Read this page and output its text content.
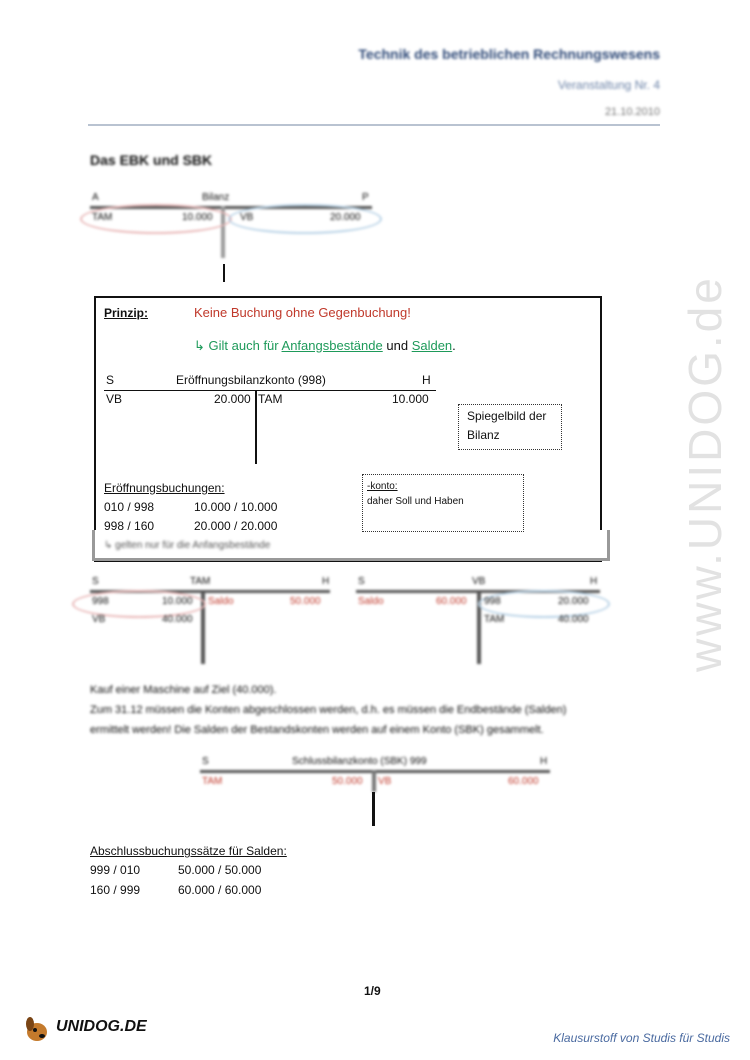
Technik des betrieblichen Rechnungswesens
Veranstaltung Nr. 4
21.10.2010
Das EBK und SBK
A	Bilanz	P
TAM	10.000	VB	20.000
↳ gelten nur für die Anfangsbestände
Prinzip:	Keine Buchung ohne Gegenbuchung!
↳ Gilt auch für Anfangsbestände und Salden.
S	Eröffnungsbilanzkonto (998)	H
VB	20.000 TAM	10.000
Spiegelbild der Bilanz
-konto:
daher Soll und Haben
Eröffnungsbuchungen:
010 / 998	10.000 / 10.000
998 / 160	20.000 / 20.000
S	TAM	H
998	10.000
VB	40.000
Saldo	50.000
S	VB	H
Saldo	60.000 998	20.000
TAM	40.000
Kauf einer Maschine auf Ziel (40.000).
Zum 31.12 müssen die Konten abgeschlossen werden, d.h. es müssen die Endbestände (Salden)
ermittelt werden! Die Salden der Bestandskonten werden auf einem Konto (SBK) gesammelt.
S	Schlussbilanzkonto (SBK) 999	H
TAM	50.000 VB	60.000
Abschlussbuchungssätze für Salden:
999 / 010	50.000 / 50.000
160 / 999	60.000 / 60.000
www.UNIDOG.de
1/9
UNIDOG.DE
Klausurstoff von Studis für Studis
